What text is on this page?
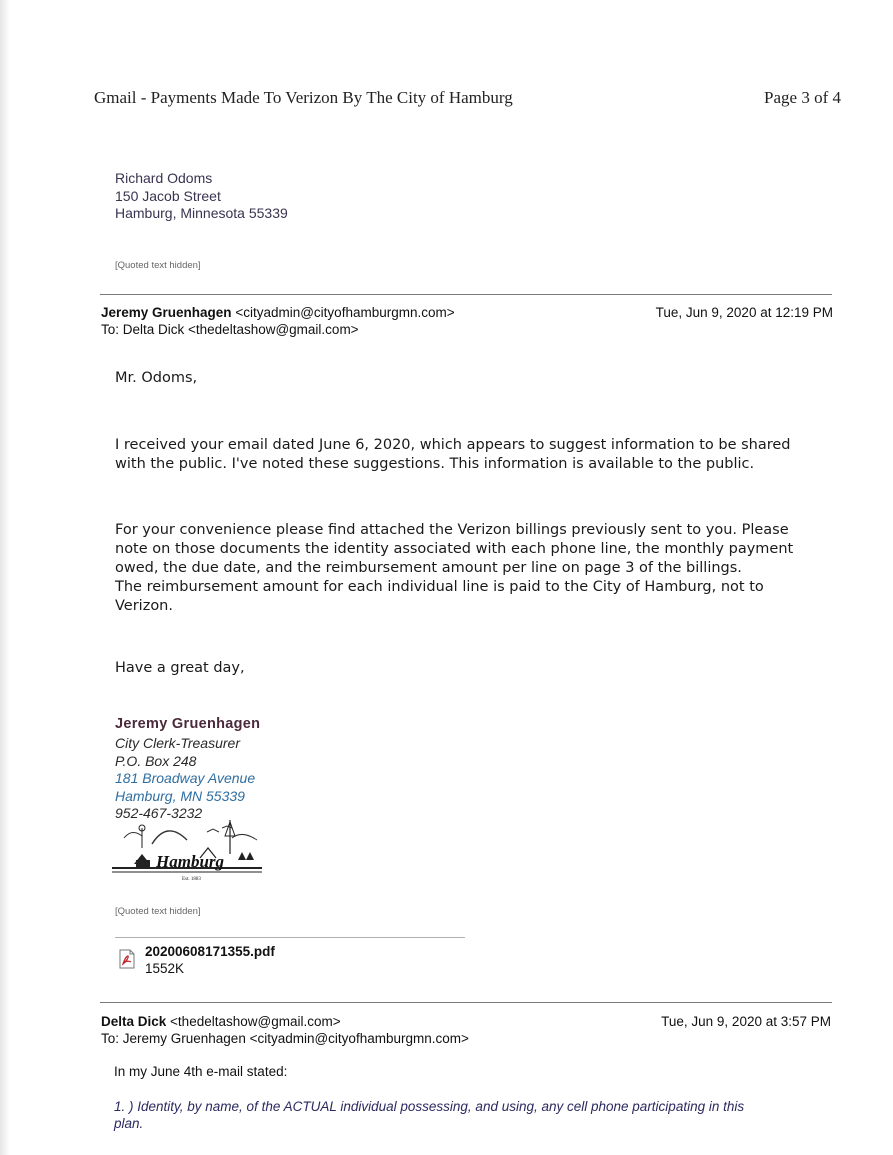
Gmail - Payments Made To Verizon By The City of Hamburg	Page 3 of 4
Richard Odoms
150 Jacob Street
Hamburg, Minnesota 55339
[Quoted text hidden]
Jeremy Gruenhagen <cityadmin@cityofhamburgmn.com>
To: Delta Dick <thedeltashow@gmail.com>
Tue, Jun 9, 2020 at 12:19 PM
Mr. Odoms,
I received your email dated June 6, 2020, which appears to suggest information to be shared
with the public. I've noted these suggestions. This information is available to the public.
For your convenience please find attached the Verizon billings previously sent to you. Please
note on those documents the identity associated with each phone line, the monthly payment
owed, the due date, and the reimbursement amount per line on page 3 of the billings.
The reimbursement amount for each individual line is paid to the City of Hamburg, not to
Verizon.
Have a great day,
Jeremy Gruenhagen
City Clerk-Treasurer
P.O. Box 248
181 Broadway Avenue
Hamburg, MN 55339
952-467-3232
Hamburg
Est. 1883
[Quoted text hidden]
20200608171355.pdf
1552K
Delta Dick <thedeltashow@gmail.com>
To: Jeremy Gruenhagen <cityadmin@cityofhamburgmn.com>
Tue, Jun 9, 2020 at 3:57 PM
In my June 4th e-mail stated:
1. ) Identity, by name, of the ACTUAL individual possessing, and using, any cell phone participating in this
plan.
